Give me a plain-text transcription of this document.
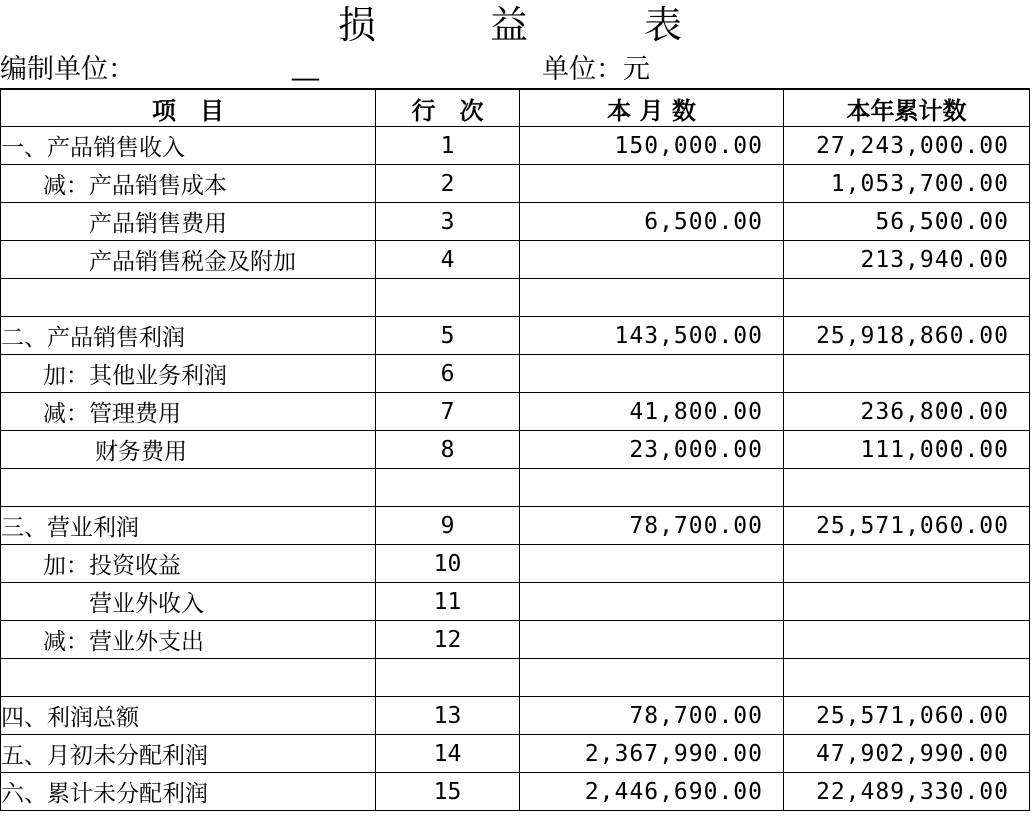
损	益	表
编制单位：	__	单位：元
项　目	行　次	本 月 数	本年累计数
一、产品销售收入	1	150,000.00	27,243,000.00
减：产品销售成本	2		1,053,700.00
产品销售费用	3	6,500.00	56,500.00
产品销售税金及附加	4		213,940.00

二、产品销售利润	5	143,500.00	25,918,860.00
加：其他业务利润	6		
减：管理费用	7	41,800.00	236,800.00
财务费用	8	23,000.00	111,000.00

三、营业利润	9	78,700.00	25,571,060.00
加：投资收益	10		
营业外收入	11		
减：营业外支出	12		

四、利润总额	13	78,700.00	25,571,060.00
五、月初未分配利润	14	2,367,990.00	47,902,990.00
六、累计未分配利润	15	2,446,690.00	22,489,330.00
